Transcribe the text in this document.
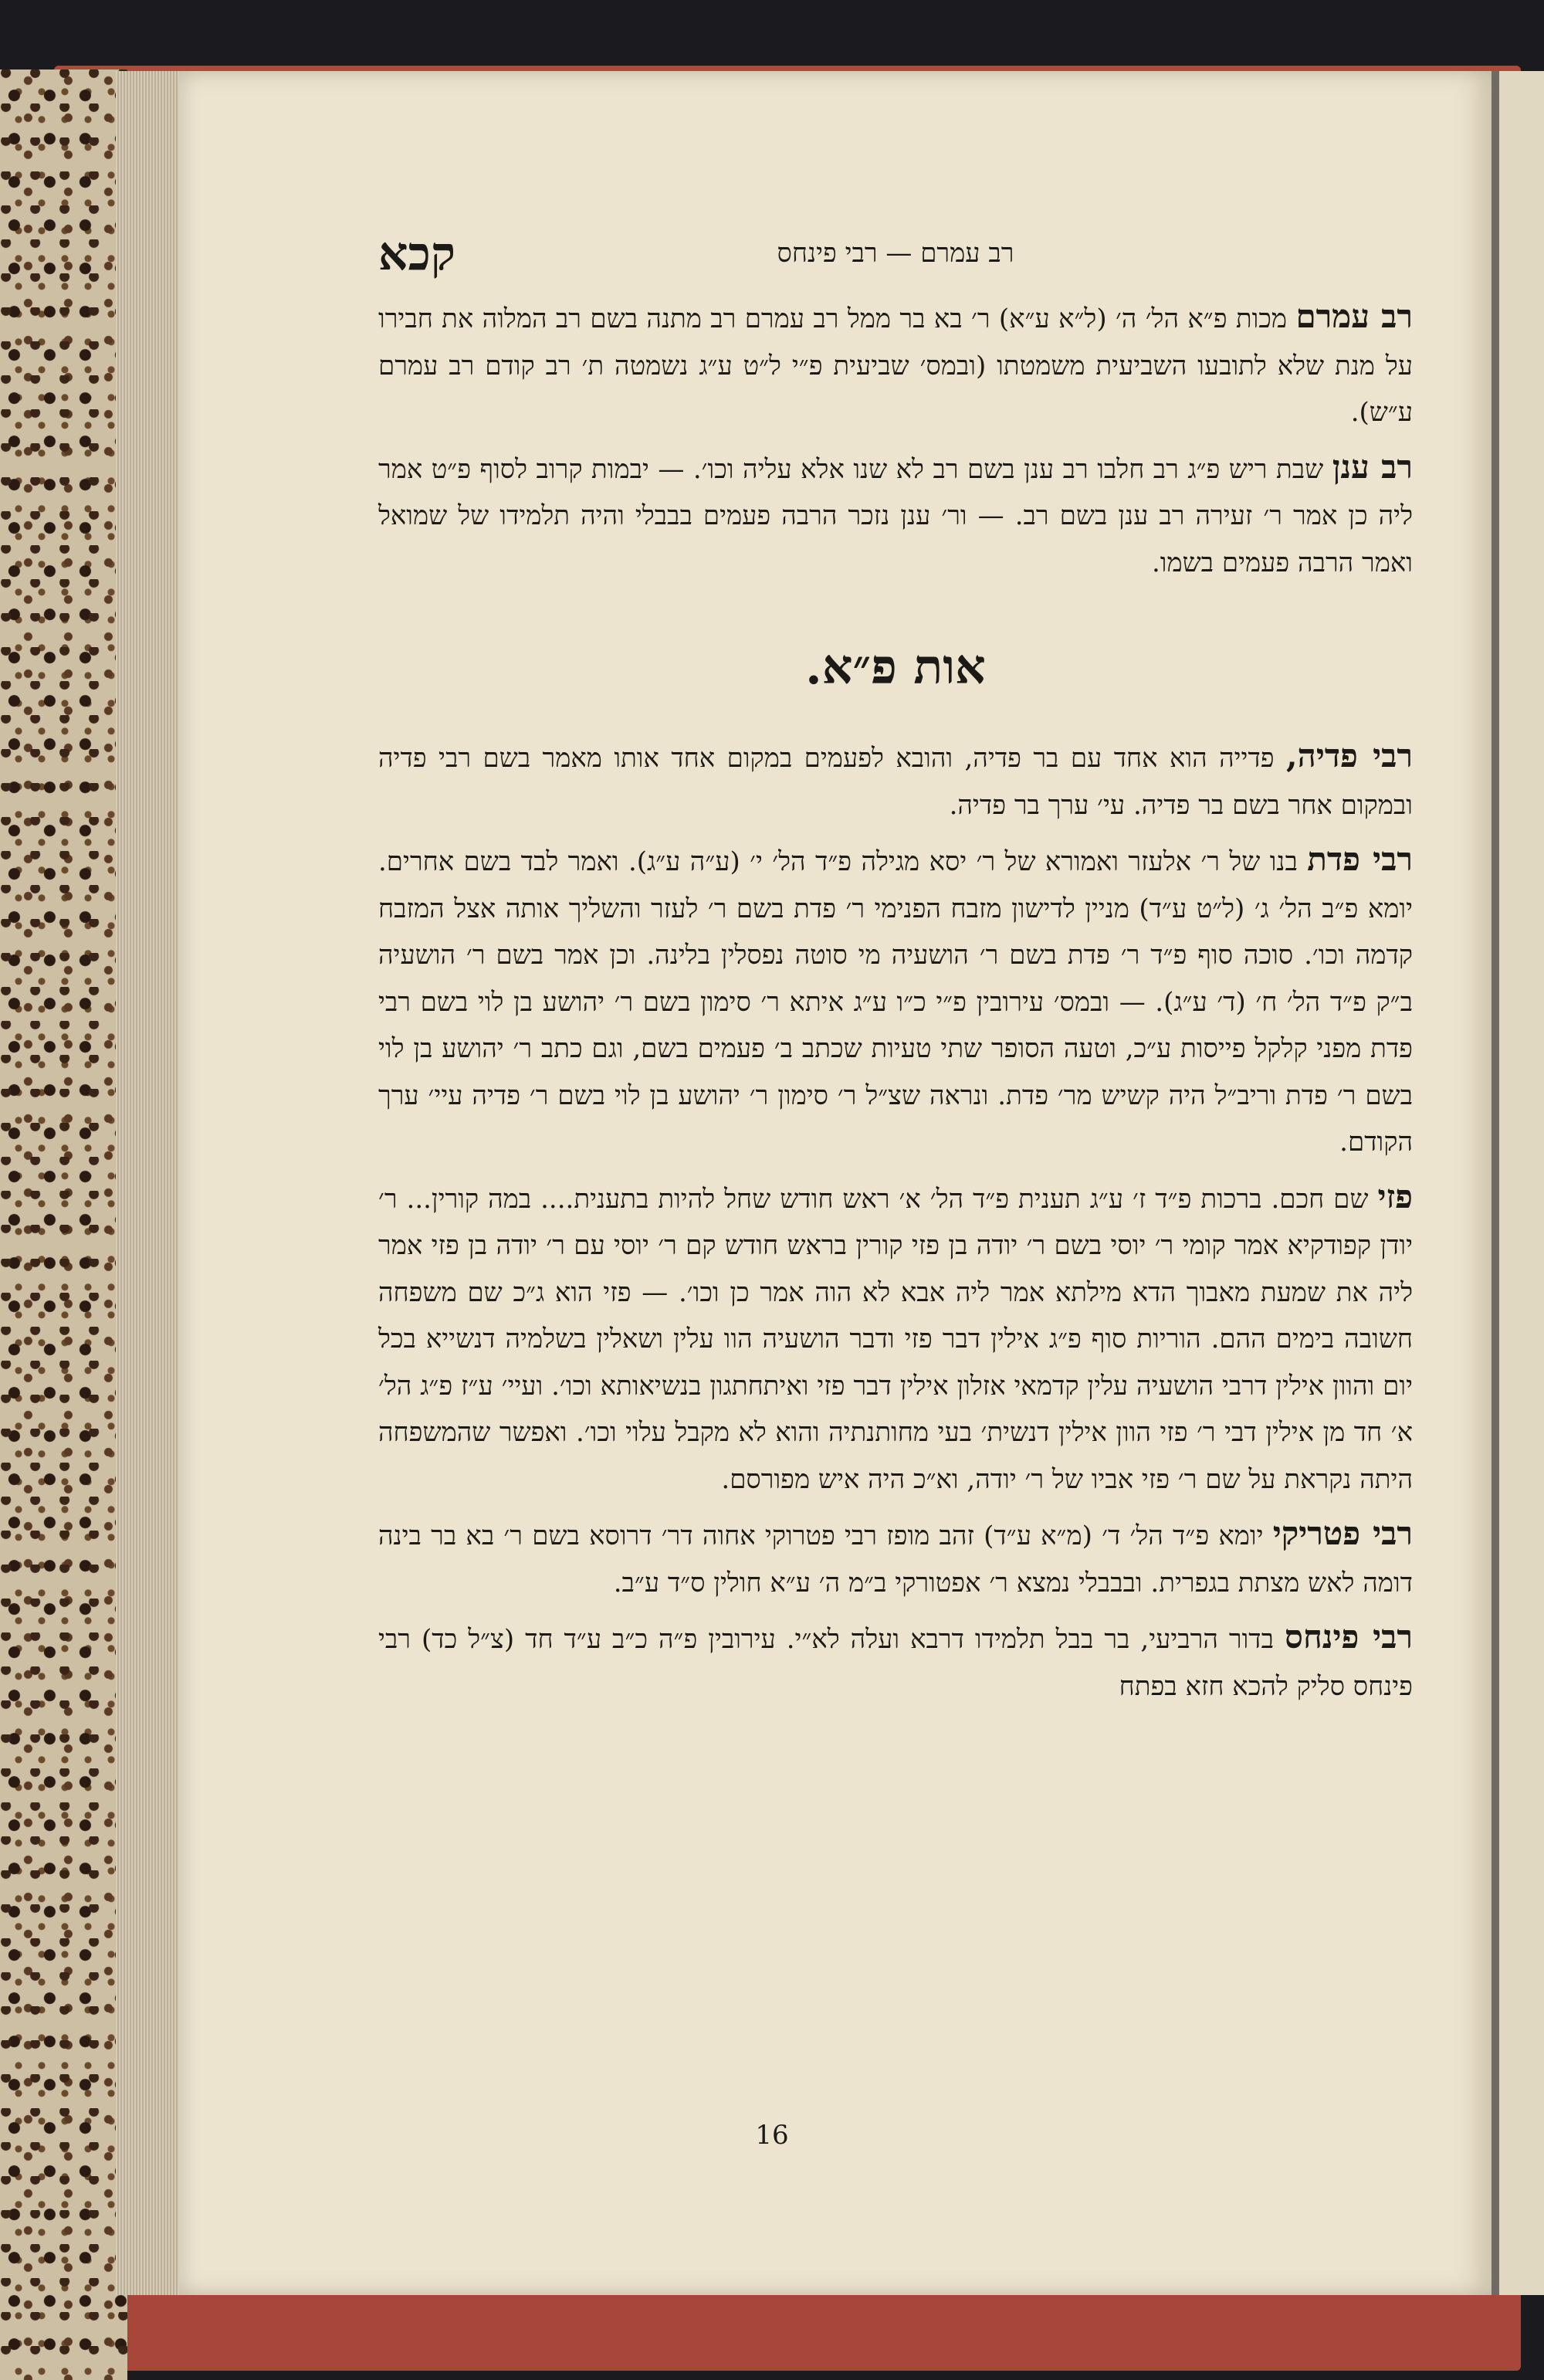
קכא	רב עמרם — רבי פינחס

רב עמרם מכות פ״א הל׳ ה׳ (ל״א ע״א) ר׳ בא בר ממל רב עמרם רב מתנה בשם רב המלוה את חבירו על מנת שלא לתובעו השביעית משמטתו (ובמס׳ שביעית פ״י ל״ט ע״ג נשמטה ת׳ רב קודם רב עמרם ע״ש).

רב ענן שבת ריש פ״ג רב חלבו רב ענן בשם רב לא שנו אלא עליה וכו׳. — יבמות קרוב לסוף פ״ט אמר ליה כן אמר ר׳ זעירה רב ענן בשם רב. — ור׳ ענן נזכר הרבה פעמים בבבלי והיה תלמידו של שמואל ואמר הרבה פעמים בשמו.

אות פ״א.

רבי פדיה, פדייה הוא אחד עם בר פדיה, והובא לפעמים במקום אחד אותו מאמר בשם רבי פדיה ובמקום אחר בשם בר פדיה. עי׳ ערך בר פדיה.

רבי פדת בנו של ר׳ אלעזר ואמורא של ר׳ יסא מגילה פ״ד הל׳ י׳ (ע״ה ע״ג). ואמר לבד בשם אחרים. יומא פ״ב הל׳ ג׳ (ל״ט ע״ד) מניין לדישון מזבח הפנימי ר׳ פדת בשם ר׳ לעזר והשליך אותה אצל המזבח קדמה וכו׳. סוכה סוף פ״ד ר׳ פדת בשם ר׳ הושעיה מי סוטה נפסלין בלינה. וכן אמר בשם ר׳ הושעיה ב״ק פ״ד הל׳ ח׳ (ד׳ ע״ג). — ובמס׳ עירובין פ״י כ״ו ע״ג איתא ר׳ סימון בשם ר׳ יהושע בן לוי בשם רבי פדת מפני קלקל פייסות ע״כ, וטעה הסופר שתי טעיות שכתב ב׳ פעמים בשם, וגם כתב ר׳ יהושע בן לוי בשם ר׳ פדת וריב״ל היה קשיש מר׳ פדת. ונראה שצ״ל ר׳ סימון ר׳ יהושע בן לוי בשם ר׳ פדיה עיי׳ ערך הקודם.

פזי שם חכם. ברכות פ״ד ז׳ ע״ג תענית פ״ד הל׳ א׳ ראש חודש שחל להיות בתענית.... במה קורין... ר׳ יודן קפודקיא אמר קומי ר׳ יוסי בשם ר׳ יודה בן פזי קורין בראש חודש קם ר׳ יוסי עם ר׳ יודה בן פזי אמר ליה את שמעת מאבוך הדא מילתא אמר ליה אבא לא הוה אמר כן וכו׳. — פזי הוא ג״כ שם משפחה חשובה בימים ההם. הוריות סוף פ״ג אילין דבר פזי ודבר הושעיה הוו עלין ושאלין בשלמיה דנשייא בכל יום והוון אילין דרבי הושעיה עלין קדמאי אזלון אילין דבר פזי ואיתחתגון בנשיאותא וכו׳. ועיי׳ ע״ז פ״ג הל׳ א׳ חד מן אילין דבי ר׳ פזי הוון אילין דנשית׳ בעי מחותנתיה והוא לא מקבל עלוי וכו׳. ואפשר שהמשפחה היתה נקראת על שם ר׳ פזי אביו של ר׳ יודה, וא״כ היה איש מפורסם.

רבי פטריקי יומא פ״ד הל׳ ד׳ (מ״א ע״ד) זהב מופז רבי פטרוקי אחוה דר׳ דרוסא בשם ר׳ בא בר בינה דומה לאש מצתת בגפרית. ובבבלי נמצא ר׳ אפטורקי ב״מ ה׳ ע״א חולין ס״ד ע״ב.

רבי פינחס בדור הרביעי, בר בבל תלמידו דרבא ועלה לא״י. עירובין פ״ה כ״ב ע״ד חד (צ״ל כד) רבי פינחס סליק להכא חזא בפתח

16
